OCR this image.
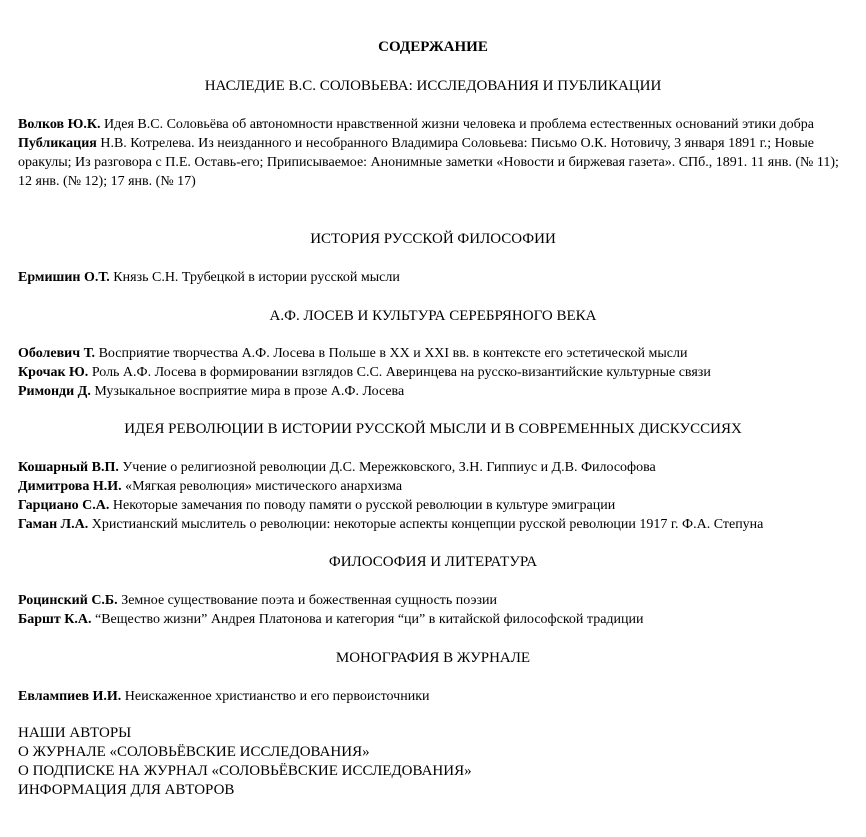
СОДЕРЖАНИЕ
НАСЛЕДИЕ В.С. СОЛОВЬЕВА: ИССЛЕДОВАНИЯ И ПУБЛИКАЦИИ

Волков Ю.К. Идея В.С. Соловьёва об автономности нравственной жизни человека и проблема естественных оснований этики добра

Публикация Н.В. Котрелева. Из неизданного и несобранного Владимира Соловьева: Письмо О.К. Нотовичу, 3 января 1891 г.; Новые оракулы; Из разговора с П.Е. Оставь-его; Приписываемое: Анонимные заметки «Новости и биржевая газета». СПб., 1891. 11 янв. (№ 11); 12 янв. (№ 12); 17 янв. (№ 17)

ИСТОРИЯ РУССКОЙ ФИЛОСОФИИ

Ермишин О.Т. Князь С.Н. Трубецкой в истории русской мысли

А.Ф. ЛОСЕВ И КУЛЬТУРА СЕРЕБРЯНОГО ВЕКА

Оболевич Т. Восприятие творчества А.Ф. Лосева в Польше в XX и XXI вв. в контексте его эстетической мысли

Крочак Ю. Роль А.Ф. Лосева в формировании взглядов С.С. Аверинцева на русско-византийские культурные связи

Римонди Д. Музыкальное восприятие мира в прозе А.Ф. Лосева

ИДЕЯ РЕВОЛЮЦИИ В ИСТОРИИ РУССКОЙ МЫСЛИ И В СОВРЕМЕННЫХ ДИСКУССИЯХ

Кошарный В.П. Учение о религиозной революции Д.С. Мережковского, З.Н. Гиппиус и Д.В. Философова

Димитрова Н.И. «Мягкая революция» мистического анархизма

Гарциано С.А. Некоторые замечания по поводу памяти о русской революции в культуре эмиграции

Гаман Л.А. Христианский мыслитель о революции: некоторые аспекты концепции русской революции 1917 г. Ф.А. Степуна

ФИЛОСОФИЯ И ЛИТЕРАТУРА

Роцинский С.Б. Земное существование поэта и божественная сущность поэзии

Баршт К.А. “Вещество жизни” Андрея Платонова и категория “ци” в китайской философской традиции

МОНОГРАФИЯ В ЖУРНАЛЕ

Евлампиев И.И. Неискаженное христианство и его первоисточники

НАШИ АВТОРЫ
О ЖУРНАЛЕ «СОЛОВЬЁВСКИЕ ИССЛЕДОВАНИЯ»
О ПОДПИСКЕ НА ЖУРНАЛ «СОЛОВЬЁВСКИЕ ИССЛЕДОВАНИЯ»
ИНФОРМАЦИЯ ДЛЯ АВТОРОВ
